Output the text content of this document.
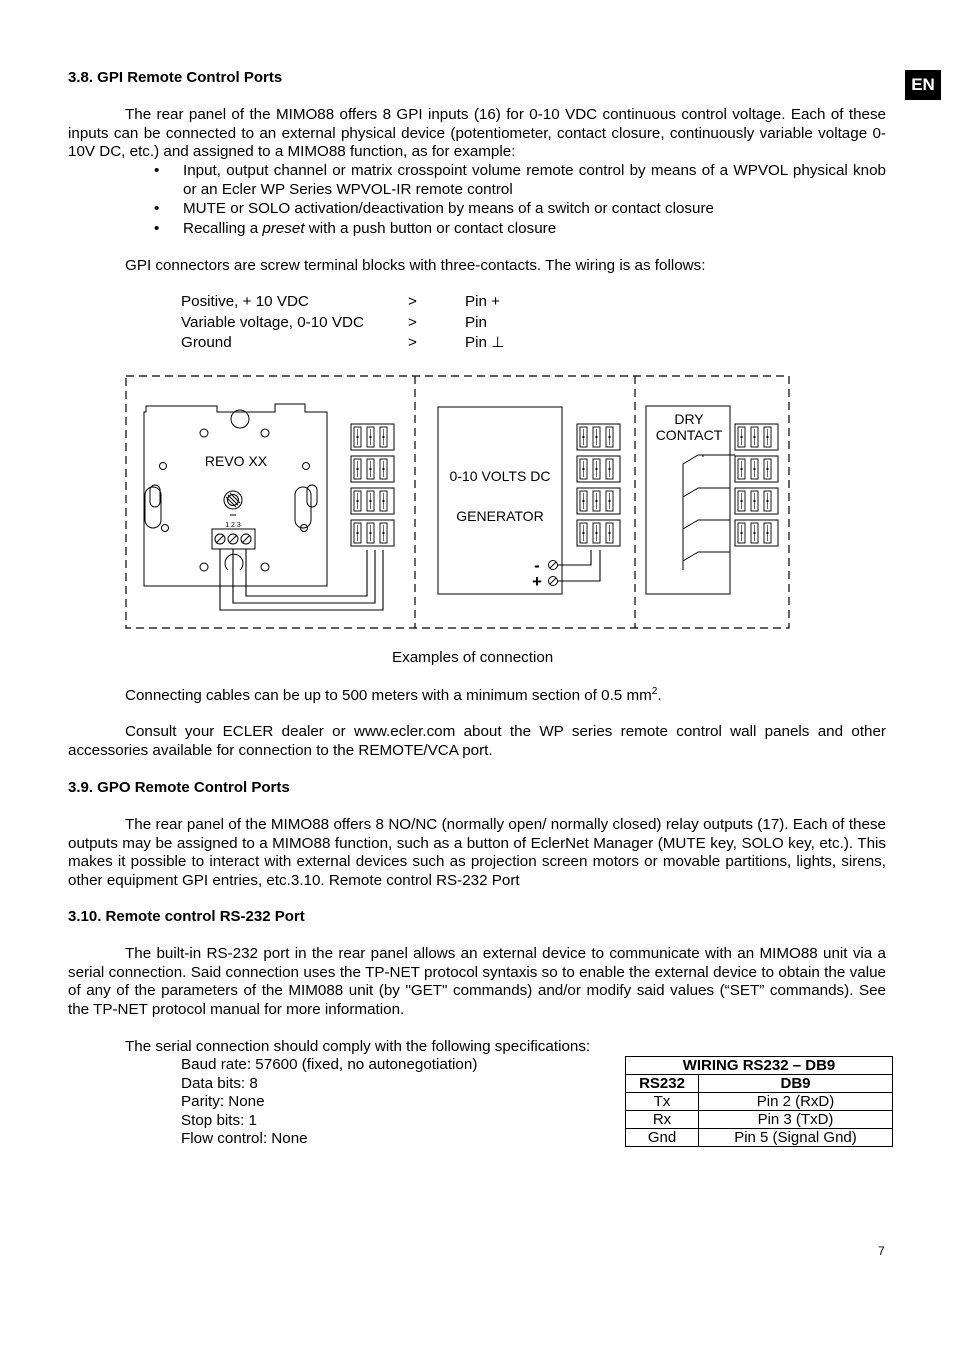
EN
3.8. GPI Remote Control Ports
The rear panel of the MIMO88 offers 8 GPI inputs (16) for 0-10 VDC continuous control voltage. Each of these inputs can be connected to an external physical device (potentiometer, contact closure, continuously variable voltage 0-10V DC, etc.) and assigned to a MIMO88 function, as for example:
• Input, output channel or matrix crosspoint volume remote control by means of a WPVOL physical knob or an Ecler WP Series WPVOL-IR remote control
• MUTE or SOLO activation/deactivation by means of a switch or contact closure
• Recalling a preset with a push button or contact closure
GPI connectors are screw terminal blocks with three-contacts. The wiring is as follows:
Positive, + 10 VDC	>	Pin +
Variable voltage, 0-10 VDC	>	Pin
Ground	>	Pin ⊥
REVO XX
1 2 3
0-10 VOLTS DC
GENERATOR
-
+
DRY
CONTACT
Examples of connection
Connecting cables can be up to 500 meters with a minimum section of 0.5 $mm^2$.
Consult your ECLER dealer or www.ecler.com about the WP series remote control wall panels and other accessories available for connection to the REMOTE/VCA port.
3.9. GPO Remote Control Ports
The rear panel of the MIMO88 offers 8 NO/NC (normally open/ normally closed) relay outputs (17). Each of these outputs may be assigned to a MIMO88 function, such as a button of EclerNet Manager (MUTE key, SOLO key, etc.). This makes it possible to interact with external devices such as projection screen motors or movable partitions, lights, sirens, other equipment GPI entries, etc.3.10. Remote control RS-232 Port
3.10. Remote control RS-232 Port
The built-in RS-232 port in the rear panel allows an external device to communicate with an MIMO88 unit via a serial connection. Said connection uses the TP-NET protocol syntaxis so to enable the external device to obtain the value of any of the parameters of the MIM088 unit (by "GET" commands) and/or modify said values (“SET” commands). See the TP-NET protocol manual for more information.
The serial connection should comply with the following specifications:
Baud rate: 57600 (fixed, no autonegotiation)
Data bits: 8
Parity: None
Stop bits: 1
Flow control: None
WIRING RS232 – DB9	
RS232	DB9
Tx	Pin 2 (RxD)
Rx	Pin 3 (TxD)
Gnd	Pin 5 (Signal Gnd)
7
